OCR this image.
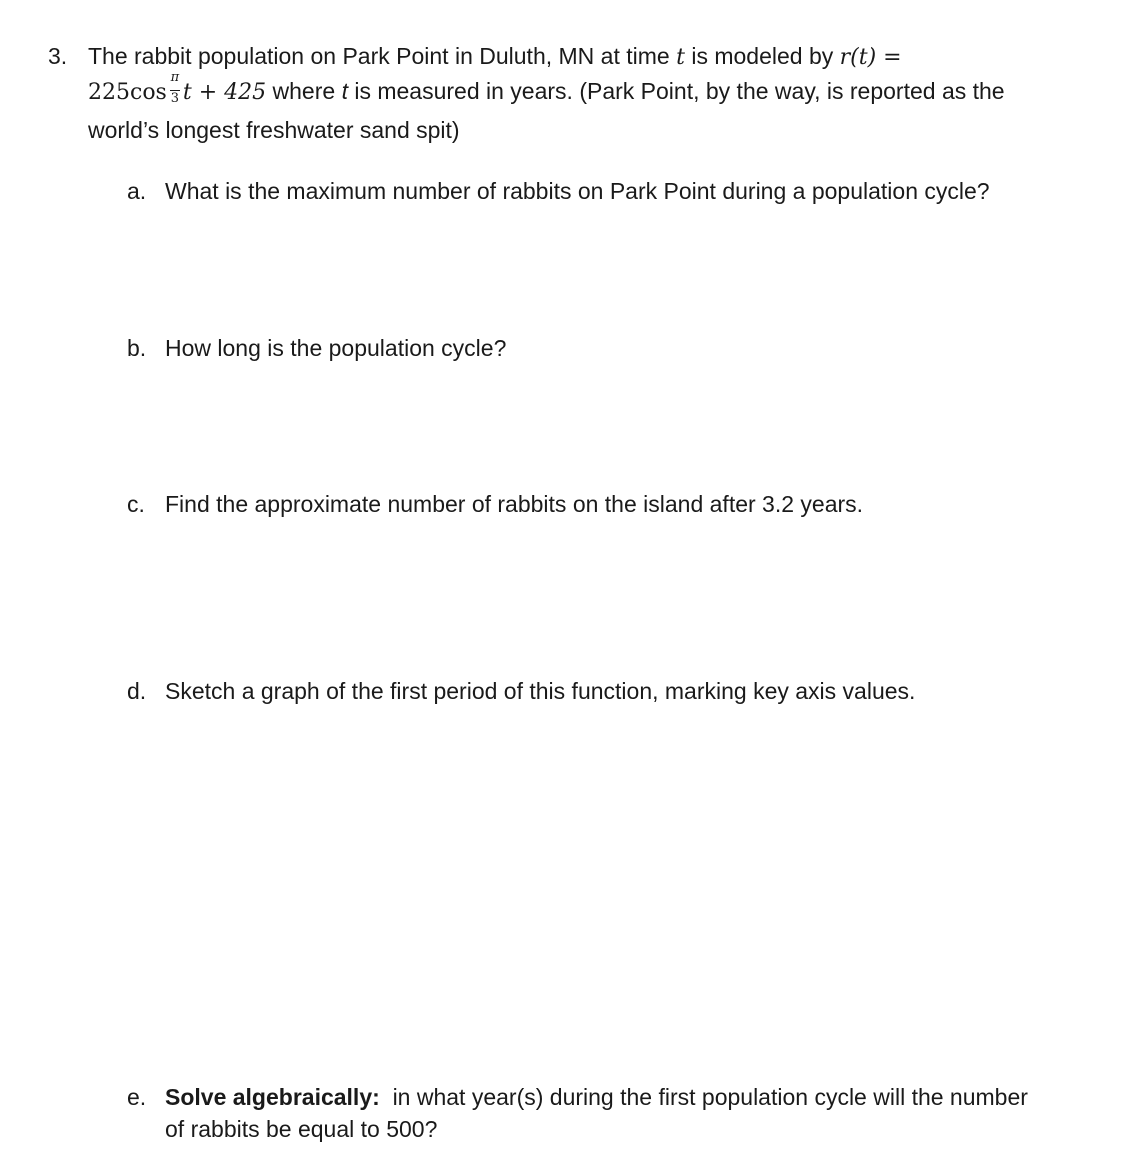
3. The rabbit population on Park Point in Duluth, MN at time t is modeled by r(t) =
$225\cos \frac{\pi}{3}$ t + 425 where t is measured in years. (Park Point, by the way, is reported as the
world’s longest freshwater sand spit)
a. What is the maximum number of rabbits on Park Point during a population cycle?
b. How long is the population cycle?
c. Find the approximate number of rabbits on the island after 3.2 years.
d. Sketch a graph of the first period of this function, marking key axis values.
e. Solve algebraically: in what year(s) during the first population cycle will the number
of rabbits be equal to 500?
